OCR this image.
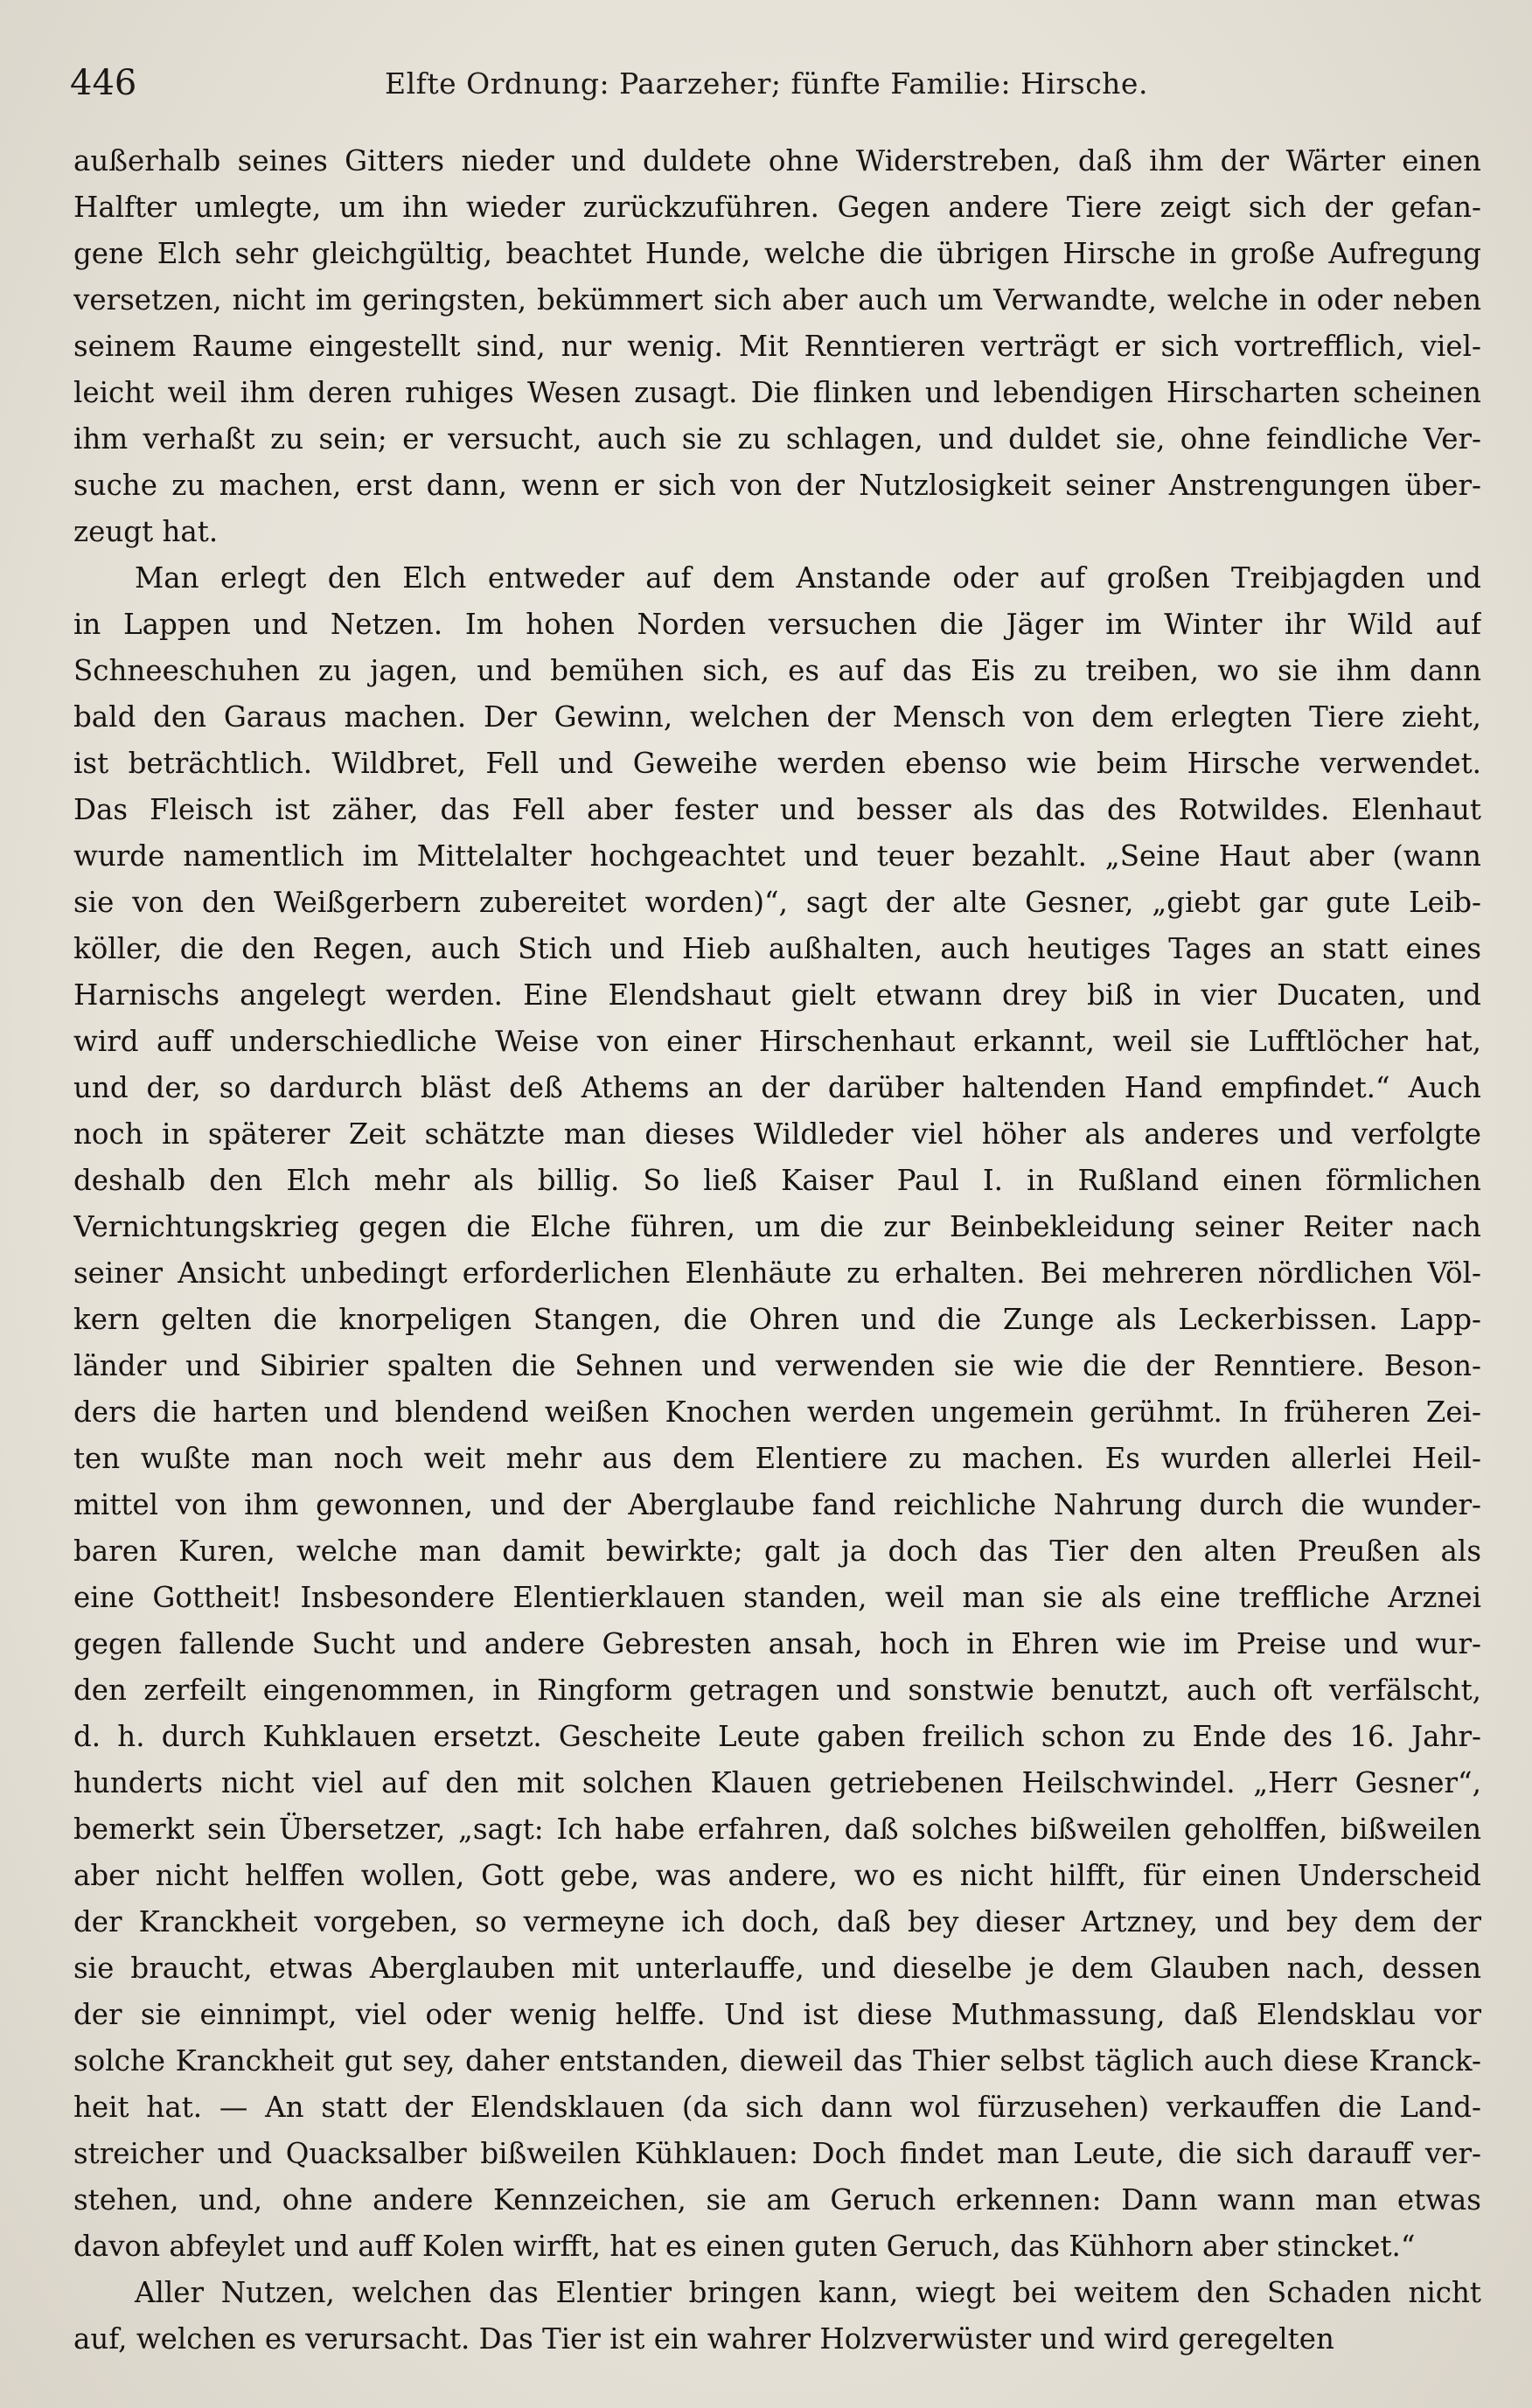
446	Elfte Ordnung: Paarzeher; fünfte Familie: Hirsche.
außerhalb seines Gitters nieder und duldete ohne Widerstreben, daß ihm der Wärter einen
Halfter umlegte, um ihn wieder zurückzuführen. Gegen andere Tiere zeigt sich der gefan-
gene Elch sehr gleichgültig, beachtet Hunde, welche die übrigen Hirsche in große Aufregung
versetzen, nicht im geringsten, bekümmert sich aber auch um Verwandte, welche in oder neben
seinem Raume eingestellt sind, nur wenig. Mit Renntieren verträgt er sich vortrefflich, viel-
leicht weil ihm deren ruhiges Wesen zusagt. Die flinken und lebendigen Hirscharten scheinen
ihm verhaßt zu sein; er versucht, auch sie zu schlagen, und duldet sie, ohne feindliche Ver-
suche zu machen, erst dann, wenn er sich von der Nutzlosigkeit seiner Anstrengungen über-
zeugt hat.
Man erlegt den Elch entweder auf dem Anstande oder auf großen Treibjagden und
in Lappen und Netzen. Im hohen Norden versuchen die Jäger im Winter ihr Wild auf
Schneeschuhen zu jagen, und bemühen sich, es auf das Eis zu treiben, wo sie ihm dann
bald den Garaus machen. Der Gewinn, welchen der Mensch von dem erlegten Tiere zieht,
ist beträchtlich. Wildbret, Fell und Geweihe werden ebenso wie beim Hirsche verwendet.
Das Fleisch ist zäher, das Fell aber fester und besser als das des Rotwildes. Elenhaut
wurde namentlich im Mittelalter hochgeachtet und teuer bezahlt. „Seine Haut aber (wann
sie von den Weißgerbern zubereitet worden)“, sagt der alte Gesner, „giebt gar gute Leib-
köller, die den Regen, auch Stich und Hieb außhalten, auch heutiges Tages an statt eines
Harnischs angelegt werden. Eine Elendshaut gielt etwann drey biß in vier Ducaten, und
wird auff underschiedliche Weise von einer Hirschenhaut erkannt, weil sie Lufftlöcher hat,
und der, so dardurch bläst deß Athems an der darüber haltenden Hand empfindet.“ Auch
noch in späterer Zeit schätzte man dieses Wildleder viel höher als anderes und verfolgte
deshalb den Elch mehr als billig. So ließ Kaiser Paul I. in Rußland einen förmlichen
Vernichtungskrieg gegen die Elche führen, um die zur Beinbekleidung seiner Reiter nach
seiner Ansicht unbedingt erforderlichen Elenhäute zu erhalten. Bei mehreren nördlichen Völ-
kern gelten die knorpeligen Stangen, die Ohren und die Zunge als Leckerbissen. Lapp-
länder und Sibirier spalten die Sehnen und verwenden sie wie die der Renntiere. Beson-
ders die harten und blendend weißen Knochen werden ungemein gerühmt. In früheren Zei-
ten wußte man noch weit mehr aus dem Elentiere zu machen. Es wurden allerlei Heil-
mittel von ihm gewonnen, und der Aberglaube fand reichliche Nahrung durch die wunder-
baren Kuren, welche man damit bewirkte; galt ja doch das Tier den alten Preußen als
eine Gottheit! Insbesondere Elentierklauen standen, weil man sie als eine treffliche Arznei
gegen fallende Sucht und andere Gebresten ansah, hoch in Ehren wie im Preise und wur-
den zerfeilt eingenommen, in Ringform getragen und sonstwie benutzt, auch oft verfälscht,
d. h. durch Kuhklauen ersetzt. Gescheite Leute gaben freilich schon zu Ende des 16. Jahr-
hunderts nicht viel auf den mit solchen Klauen getriebenen Heilschwindel. „Herr Gesner“,
bemerkt sein Übersetzer, „sagt: Ich habe erfahren, daß solches bißweilen geholffen, bißweilen
aber nicht helffen wollen, Gott gebe, was andere, wo es nicht hilfft, für einen Underscheid
der Kranckheit vorgeben, so vermeyne ich doch, daß bey dieser Artzney, und bey dem der
sie braucht, etwas Aberglauben mit unterlauffe, und dieselbe je dem Glauben nach, dessen
der sie einnimpt, viel oder wenig helffe. Und ist diese Muthmassung, daß Elendsklau vor
solche Kranckheit gut sey, daher entstanden, dieweil das Thier selbst täglich auch diese Kranck-
heit hat. — An statt der Elendsklauen (da sich dann wol fürzusehen) verkauffen die Land-
streicher und Quacksalber bißweilen Kühklauen: Doch findet man Leute, die sich darauff ver-
stehen, und, ohne andere Kennzeichen, sie am Geruch erkennen: Dann wann man etwas
davon abfeylet und auff Kolen wirfft, hat es einen guten Geruch, das Kühhorn aber stincket.“
Aller Nutzen, welchen das Elentier bringen kann, wiegt bei weitem den Schaden nicht
auf, welchen es verursacht. Das Tier ist ein wahrer Holzverwüster und wird geregelten
